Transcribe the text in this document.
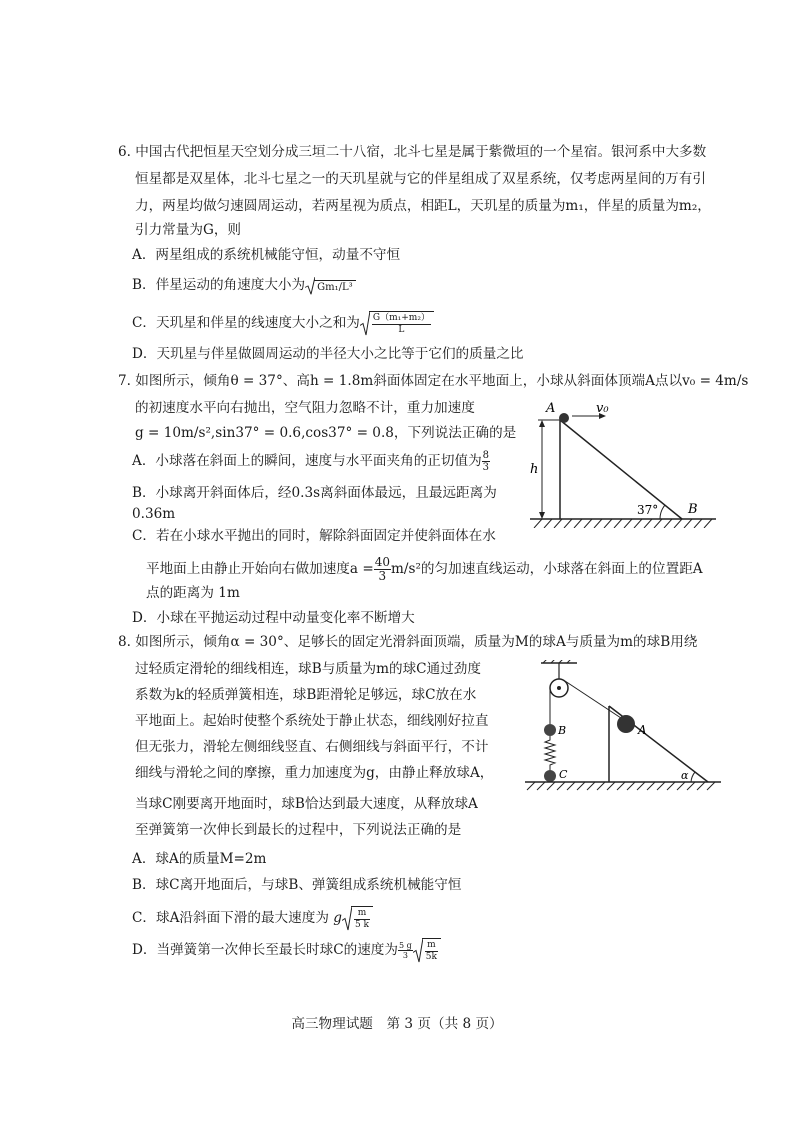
6. 中国古代把恒星天空划分成三垣二十八宿，北斗七星是属于紫微垣的一个星宿。银河系中大多数
恒星都是双星体，北斗七星之一的天玑星就与它的伴星组成了双星系统，仅考虑两星间的万有引
力，两星均做匀速圆周运动，若两星视为质点，相距L，天玑星的质量为m₁，伴星的质量为m₂，
引力常量为G，则
A．两星组成的系统机械能守恒，动量不守恒
B．伴星运动的角速度大小为 Gm₁/L³
C．天玑星和伴星的线速度大小之和为 $\frac{\text{G（m₁+m₂）}}{L}$
D．天玑星与伴星做圆周运动的半径大小之比等于它们的质量之比
7. 如图所示，倾角θ = 37°、高h = 1.8m斜面体固定在水平地面上，小球从斜面体顶端A点以v₀ = 4m/s
的初速度水平向右抛出，空气阻力忽略不计，重力加速度
g = 10m/s²,sin37° = 0.6,cos37° = 0.8，下列说法正确的是
A．小球落在斜面上的瞬间，速度与水平面夹角的正切值为 $\frac{8}{3}$
B．小球离开斜面体后，经0.3s离斜面体最远，且最远距离为
0.36m
C．若在小球水平抛出的同时，解除斜面固定并使斜面体在水
平地面上由静止开始向右做加速度$a = \frac{40}{3} m/s^2$的匀加速直线运动，小球落在斜面上的位置距A
点的距离为 1m
D．小球在平抛运动过程中动量变化率不断增大
A	v₀
h
37° B
8. 如图所示，倾角α = 30°、足够长的固定光滑斜面顶端，质量为M的球A与质量为m的球B用绕
过轻质定滑轮的细线相连，球B与质量为m的球C通过劲度
系数为k的轻质弹簧相连，球B距滑轮足够远，球C放在水
平地面上。起始时使整个系统处于静止状态，细线刚好拉直
但无张力，滑轮左侧细线竖直、右侧细线与斜面平行，不计
细线与滑轮之间的摩擦，重力加速度为g，由静止释放球A，
当球C刚要离开地面时，球B恰达到最大速度，从释放球A
至弹簧第一次伸长到最长的过程中，下列说法正确的是
A．球A的质量M=2m
B．球C离开地面后，与球B、弹簧组成系统机械能守恒
C．球A沿斜面下滑的最大速度为 g $\frac{m}{5 k}$
D．当弹簧第一次伸长至最长时球C的速度为 $\frac{5 g}{3} \frac{m}{5k}$
A
B
C	α
高三物理试题　第 3 页（共 8 页）
